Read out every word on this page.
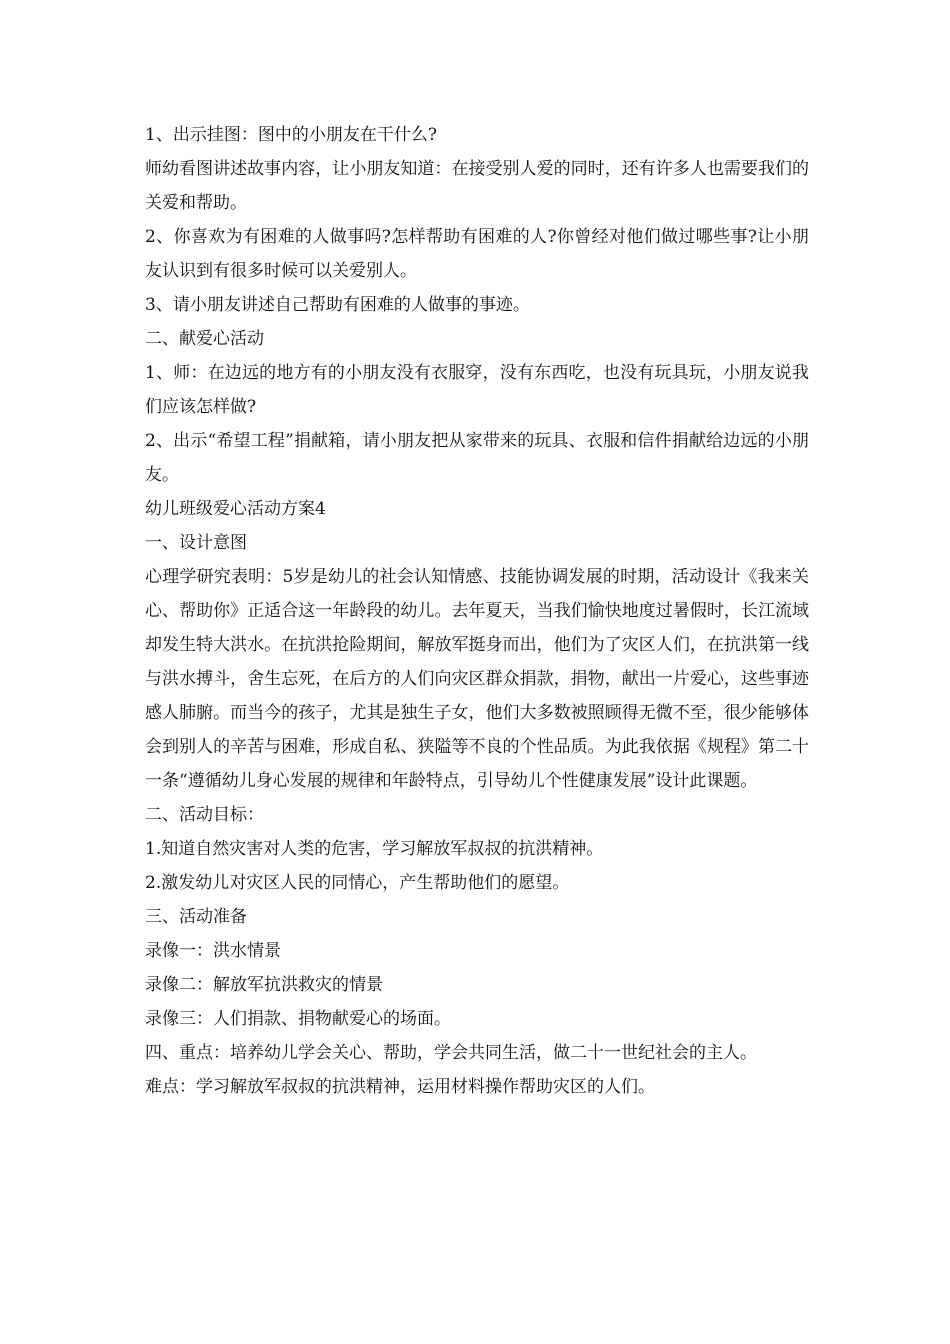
1、出示挂图：图中的小朋友在干什么?

师幼看图讲述故事内容，让小朋友知道：在接受别人爱的同时，还有许多人也需要我们的关爱和帮助。

2、你喜欢为有困难的人做事吗?怎样帮助有困难的人?你曾经对他们做过哪些事?让小朋友认识到有很多时候可以关爱别人。

3、请小朋友讲述自己帮助有困难的人做事的事迹。

二、献爱心活动

1、师：在边远的地方有的小朋友没有衣服穿，没有东西吃，也没有玩具玩，小朋友说我们应该怎样做?

2、出示“希望工程”捐献箱，请小朋友把从家带来的玩具、衣服和信件捐献给边远的小朋友。

幼儿班级爱心活动方案4

一、设计意图

心理学研究表明：5岁是幼儿的社会认知情感、技能协调发展的时期，活动设计《我来关心、帮助你》正适合这一年龄段的幼儿。去年夏天，当我们愉快地度过暑假时，长江流域却发生特大洪水。在抗洪抢险期间，解放军挺身而出，他们为了灾区人们，在抗洪第一线与洪水搏斗，舍生忘死，在后方的人们向灾区群众捐款，捐物，献出一片爱心，这些事迹感人肺腑。而当今的孩子，尤其是独生子女，他们大多数被照顾得无微不至，很少能够体会到别人的辛苦与困难，形成自私、狭隘等不良的个性品质。为此我依据《规程》第二十一条“遵循幼儿身心发展的规律和年龄特点，引导幼儿个性健康发展”设计此课题。

二、活动目标：

1.知道自然灾害对人类的危害，学习解放军叔叔的抗洪精神。

2.激发幼儿对灾区人民的同情心，产生帮助他们的愿望。

三、活动准备

录像一：洪水情景

录像二：解放军抗洪救灾的情景

录像三：人们捐款、捐物献爱心的场面。

四、重点：培养幼儿学会关心、帮助，学会共同生活，做二十一世纪社会的主人。

难点：学习解放军叔叔的抗洪精神，运用材料操作帮助灾区的人们。
